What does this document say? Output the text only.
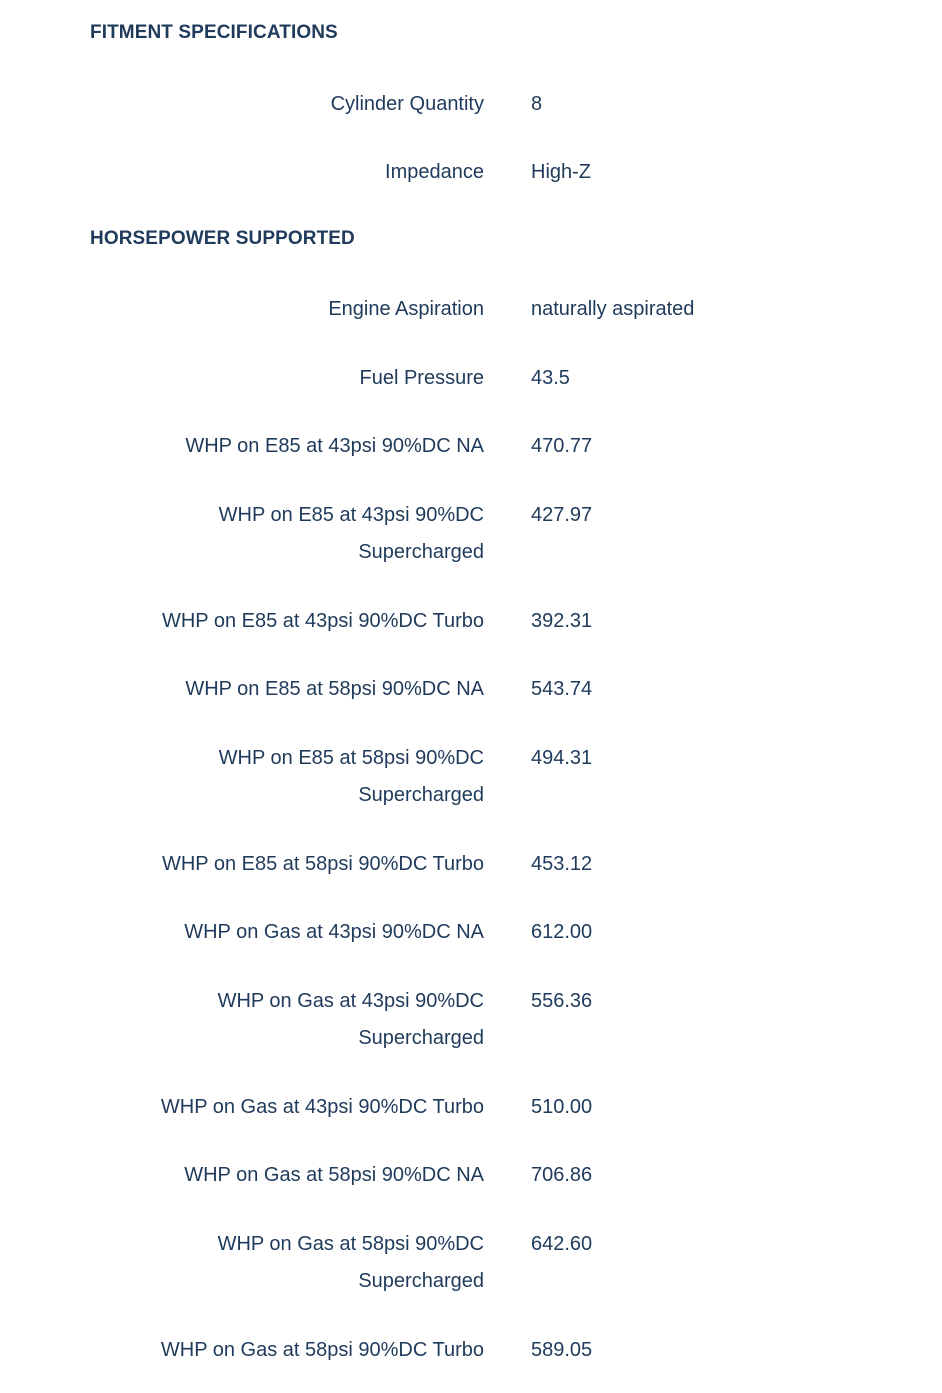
FITMENT SPECIFICATIONS
Cylinder Quantity 8
Impedance High-Z
HORSEPOWER SUPPORTED
Engine Aspiration naturally aspirated
Fuel Pressure 43.5
WHP on E85 at 43psi 90%DC NA 470.77
WHP on E85 at 43psi 90%DC Supercharged
427.97
WHP on E85 at 43psi 90%DC Turbo 392.31
WHP on E85 at 58psi 90%DC NA 543.74
WHP on E85 at 58psi 90%DC Supercharged
494.31
WHP on E85 at 58psi 90%DC Turbo 453.12
WHP on Gas at 43psi 90%DC NA 612.00
WHP on Gas at 43psi 90%DC Supercharged
556.36
WHP on Gas at 43psi 90%DC Turbo 510.00
WHP on Gas at 58psi 90%DC NA 706.86
WHP on Gas at 58psi 90%DC Supercharged
642.60
WHP on Gas at 58psi 90%DC Turbo 589.05
